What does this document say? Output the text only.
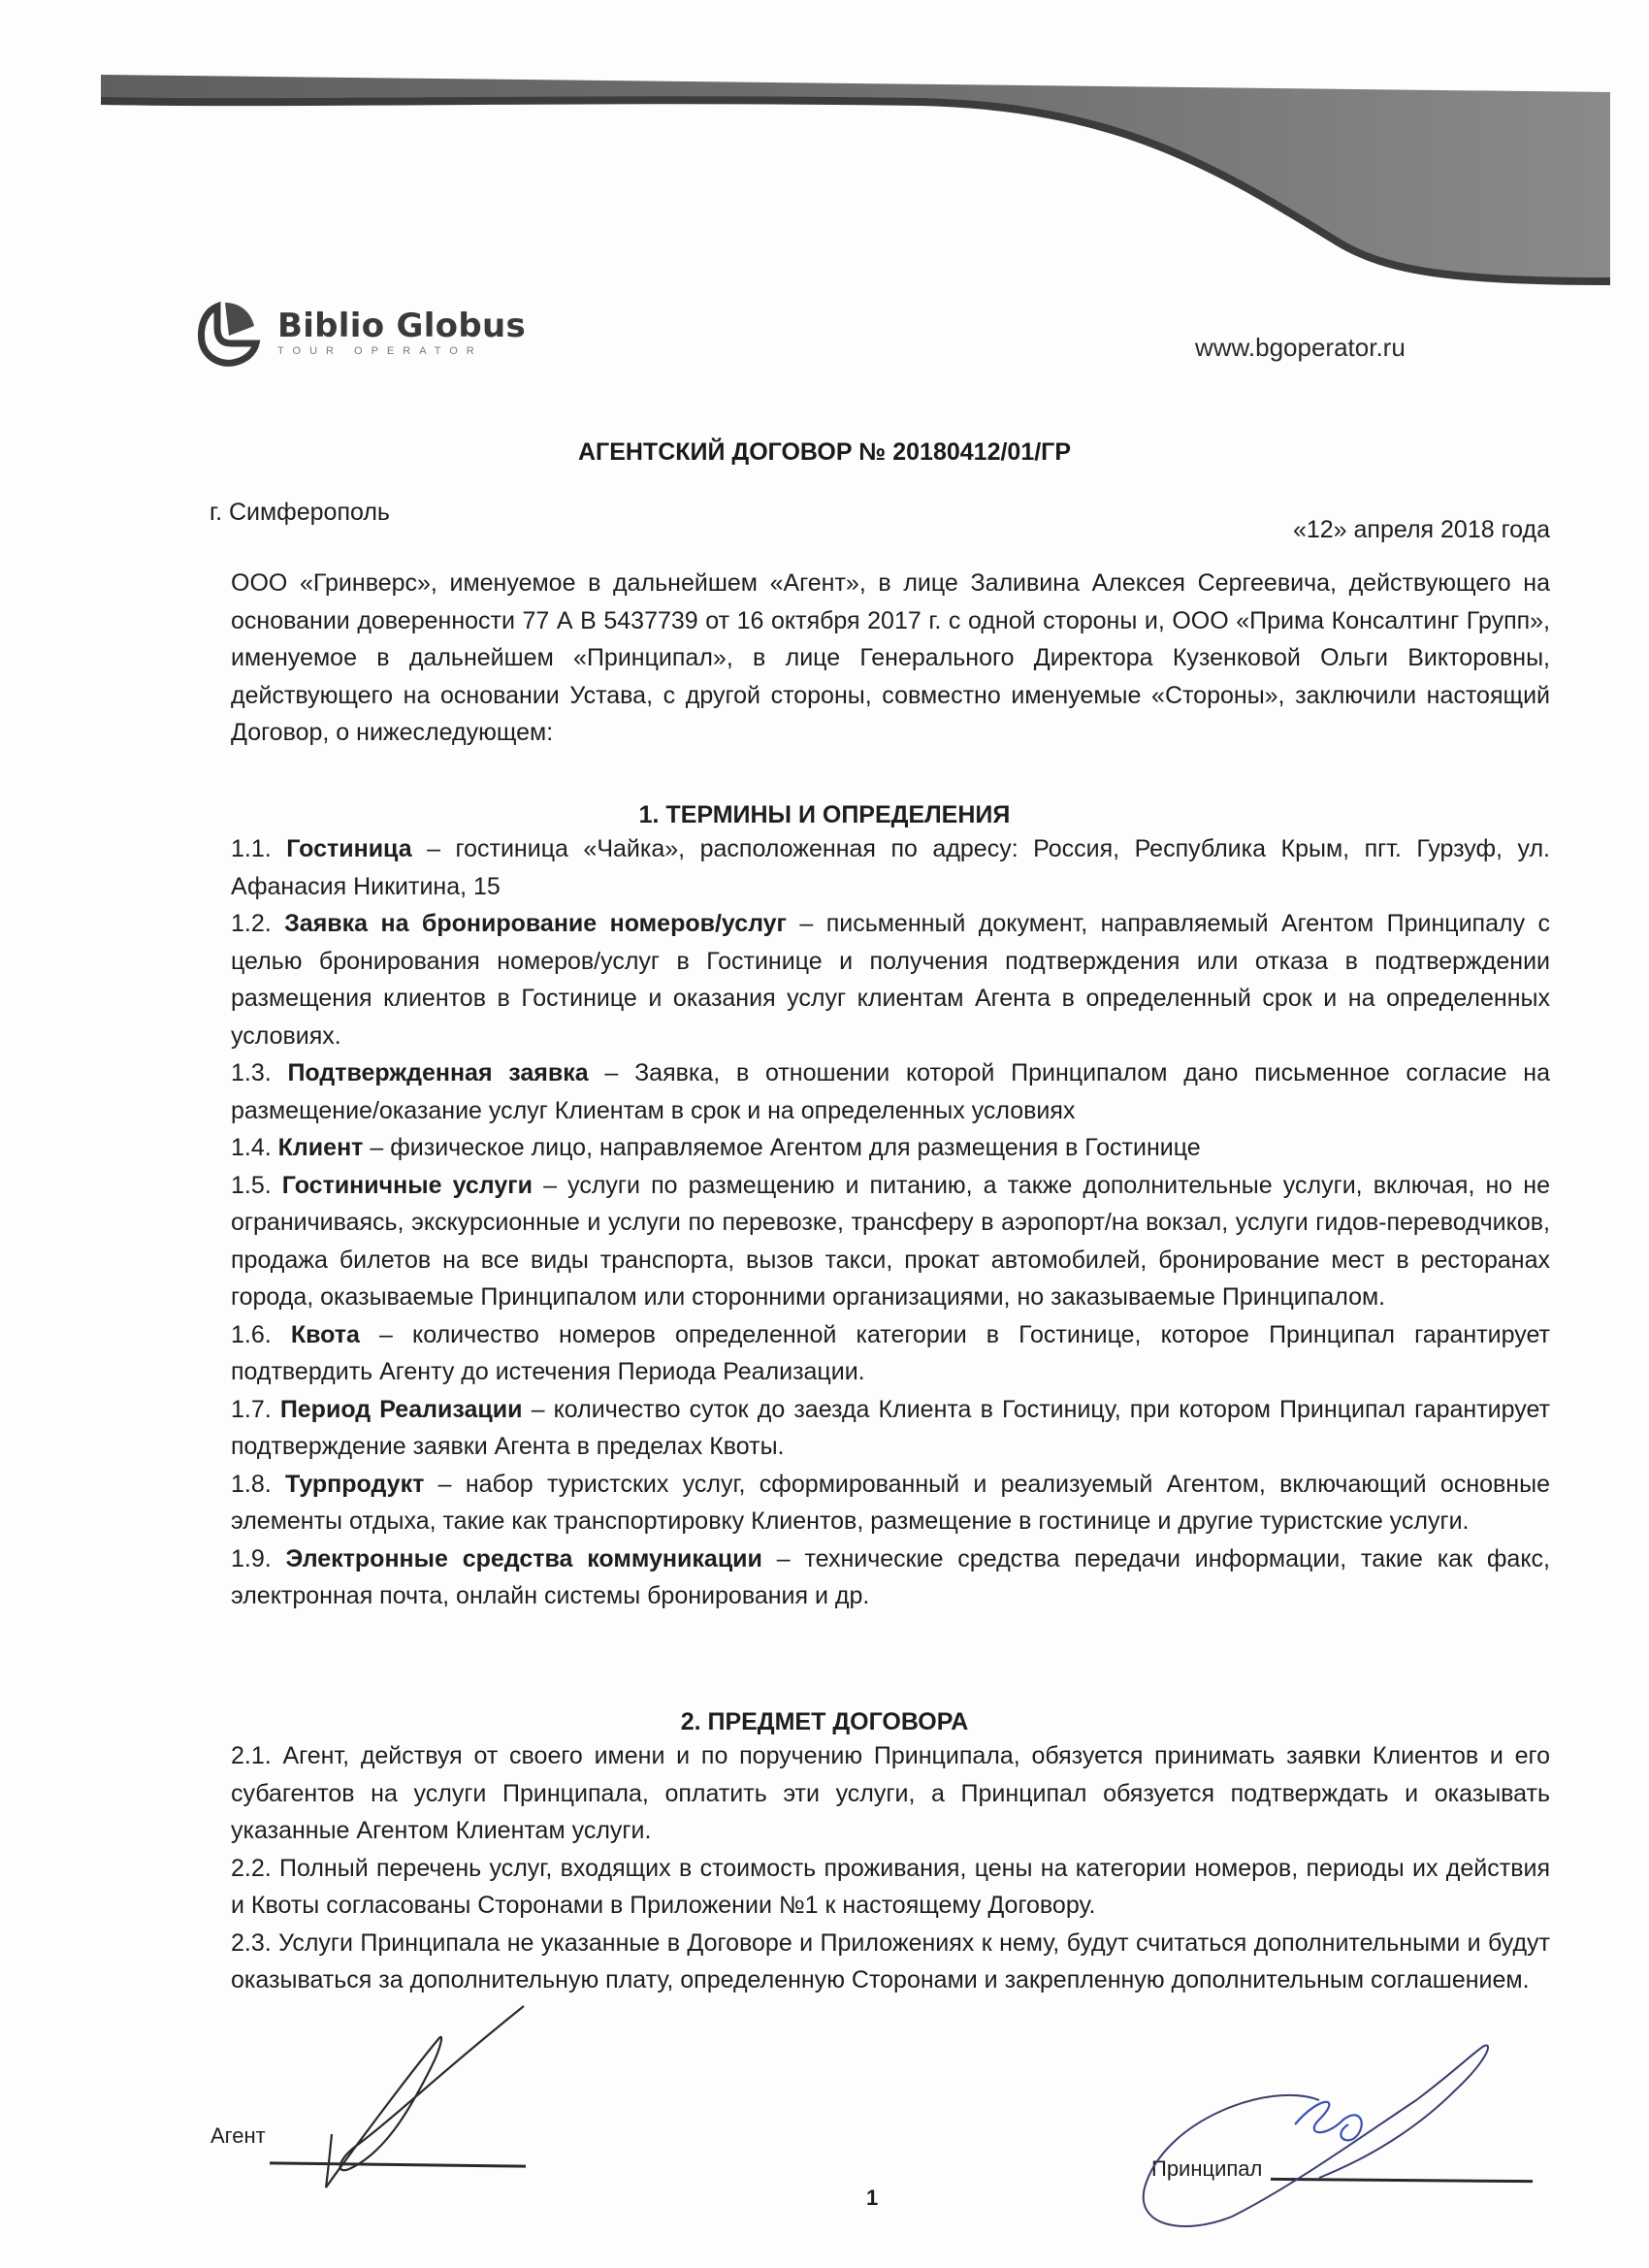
Biblio Globus
TOUR OPERATOR	www.bgoperator.ru
АГЕНТСКИЙ ДОГОВОР № 20180412/01/ГР
г. Симферополь
«12» апреля 2018 года
ООО «Гринверс», именуемое в дальнейшем «Агент», в лице Заливина Алексея Сергеевича, действующего на основании доверенности 77 А В 5437739 от 16 октября 2017 г. с одной стороны и, ООО «Прима Консалтинг Групп», именуемое в дальнейшем «Принципал», в лице Генерального Директора Кузенковой Ольги Викторовны, действующего на основании Устава, с другой стороны, совместно именуемые «Стороны», заключили настоящий Договор, о нижеследующем:
1. ТЕРМИНЫ И ОПРЕДЕЛЕНИЯ

1.1. Гостиница – гостиница «Чайка», расположенная по адресу: Россия, Республика Крым, пгт. Гурзуф, ул. Афанасия Никитина, 15

1.2. Заявка на бронирование номеров/услуг – письменный документ, направляемый Агентом Принципалу с целью бронирования номеров/услуг в Гостинице и получения подтверждения или отказа в подтверждении размещения клиентов в Гостинице и оказания услуг клиентам Агента в определенный срок и на определенных условиях.

1.3. Подтвержденная заявка – Заявка, в отношении которой Принципалом дано письменное согласие на размещение/оказание услуг Клиентам в срок и на определенных условиях

1.4. Клиент – физическое лицо, направляемое Агентом для размещения в Гостинице

1.5. Гостиничные услуги – услуги по размещению и питанию, а также дополнительные услуги, включая, но не ограничиваясь, экскурсионные и услуги по перевозке, трансферу в аэропорт/на вокзал, услуги гидов-переводчиков, продажа билетов на все виды транспорта, вызов такси, прокат автомобилей, бронирование мест в ресторанах города, оказываемые Принципалом или сторонними организациями, но заказываемые Принципалом.

1.6. Квота – количество номеров определенной категории в Гостинице, которое Принципал гарантирует подтвердить Агенту до истечения Периода Реализации.

1.7. Период Реализации – количество суток до заезда Клиента в Гостиницу, при котором Принципал гарантирует подтверждение заявки Агента в пределах Квоты.

1.8. Турпродукт – набор туристских услуг, сформированный и реализуемый Агентом, включающий основные элементы отдыха, такие как транспортировку Клиентов, размещение в гостинице и другие туристские услуги.

1.9. Электронные средства коммуникации – технические средства передачи информации, такие как факс, электронная почта, онлайн системы бронирования и др.

2. ПРЕДМЕТ ДОГОВОРА

2.1. Агент, действуя от своего имени и по поручению Принципала, обязуется принимать заявки Клиентов и его субагентов на услуги Принципала, оплатить эти услуги, а Принципал обязуется подтверждать и оказывать указанные Агентом Клиентам услуги.

2.2. Полный перечень услуг, входящих в стоимость проживания, цены на категории номеров, периоды их действия и Квоты согласованы Сторонами в Приложении №1 к настоящему Договору.

2.3. Услуги Принципала не указанные в Договоре и Приложениях к нему, будут считаться дополнительными и будут оказываться за дополнительную плату, определенную Сторонами и закрепленную дополнительным соглашением.

Агент
Принципал
1
